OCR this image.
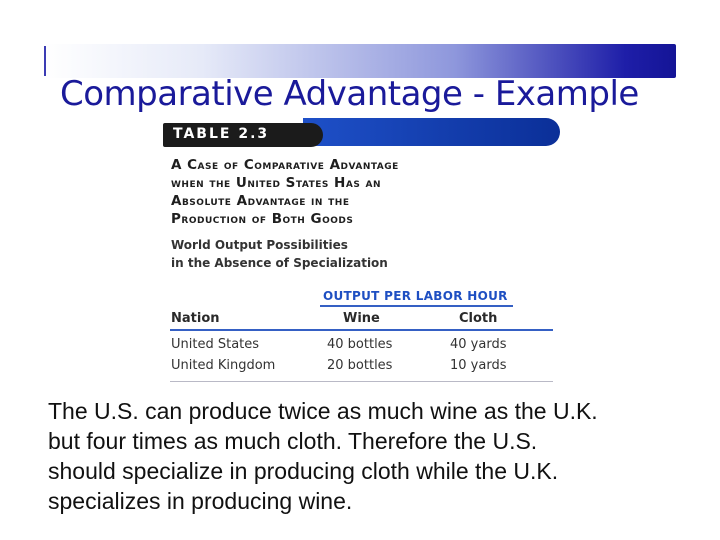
Comparative Advantage - Example
TABLE 2.3
A Case of Comparative Advantage
when the United States Has an
Absolute Advantage in the
Production of Both Goods
World Output Possibilities
in the Absence of Specialization
OUTPUT PER LABOR HOUR
Nation	Wine	Cloth
United States	40 bottles	40 yards
United Kingdom	20 bottles	10 yards
The U.S. can produce twice as much wine as the U.K.
but four times as much cloth. Therefore the U.S.
should specialize in producing cloth while the U.K.
specializes in producing wine.
